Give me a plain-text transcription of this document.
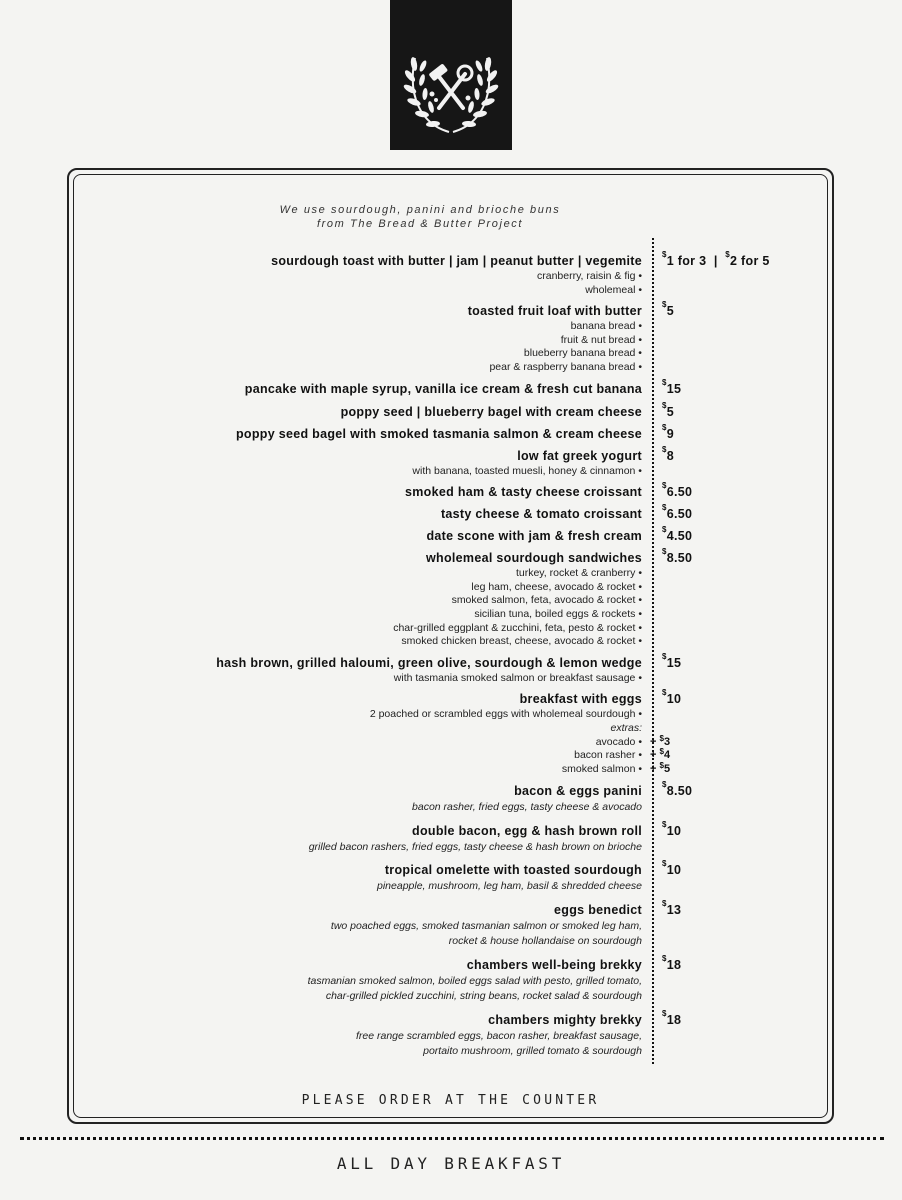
We use sourdough, panini and brioche buns
from The Bread & Butter Project
sourdough toast with butter | jam | peanut butter | vegemite	$1 for 3  |  $2 for 5
cranberry, raisin & fig •
wholemeal •
toasted fruit loaf with butter	$5
banana bread •
fruit & nut bread •
blueberry banana bread •
pear & raspberry banana bread •
pancake with maple syrup, vanilla ice cream & fresh cut banana	$15
poppy seed | blueberry bagel with cream cheese	$5
poppy seed bagel with smoked tasmania salmon & cream cheese	$9
low fat greek yogurt	$8
with banana, toasted muesli, honey & cinnamon •
smoked ham & tasty cheese croissant	$6.50
tasty cheese & tomato croissant	$6.50
date scone with jam & fresh cream	$4.50
wholemeal sourdough sandwiches	$8.50
turkey, rocket & cranberry •
leg ham, cheese, avocado & rocket •
smoked salmon, feta, avocado & rocket •
sicilian tuna, boiled eggs & rockets •
char-grilled eggplant & zucchini, feta, pesto & rocket •
smoked chicken breast, cheese, avocado & rocket •
hash brown, grilled haloumi, green olive, sourdough & lemon wedge	$15
with tasmania smoked salmon or breakfast sausage •
breakfast with eggs	$10
2 poached or scrambled eggs with wholemeal sourdough •
extras:
avocado • + $3
bacon rasher • + $4
smoked salmon • + $5
bacon & eggs panini	$8.50
bacon rasher, fried eggs, tasty cheese & avocado
double bacon, egg & hash brown roll	$10
grilled bacon rashers, fried eggs, tasty cheese & hash brown on brioche
tropical omelette with toasted sourdough	$10
pineapple, mushroom, leg ham, basil & shredded cheese
eggs benedict	$13
two poached eggs, smoked tasmanian salmon or smoked leg ham,
rocket & house hollandaise on sourdough
chambers well-being brekky	$18
tasmanian smoked salmon, boiled eggs salad with pesto, grilled tomato,
char-grilled pickled zucchini, string beans, rocket salad & sourdough
chambers mighty brekky	$18
free range scrambled eggs, bacon rasher, breakfast sausage,
portaito mushroom, grilled tomato & sourdough
PLEASE ORDER AT THE COUNTER
ALL DAY BREAKFAST
